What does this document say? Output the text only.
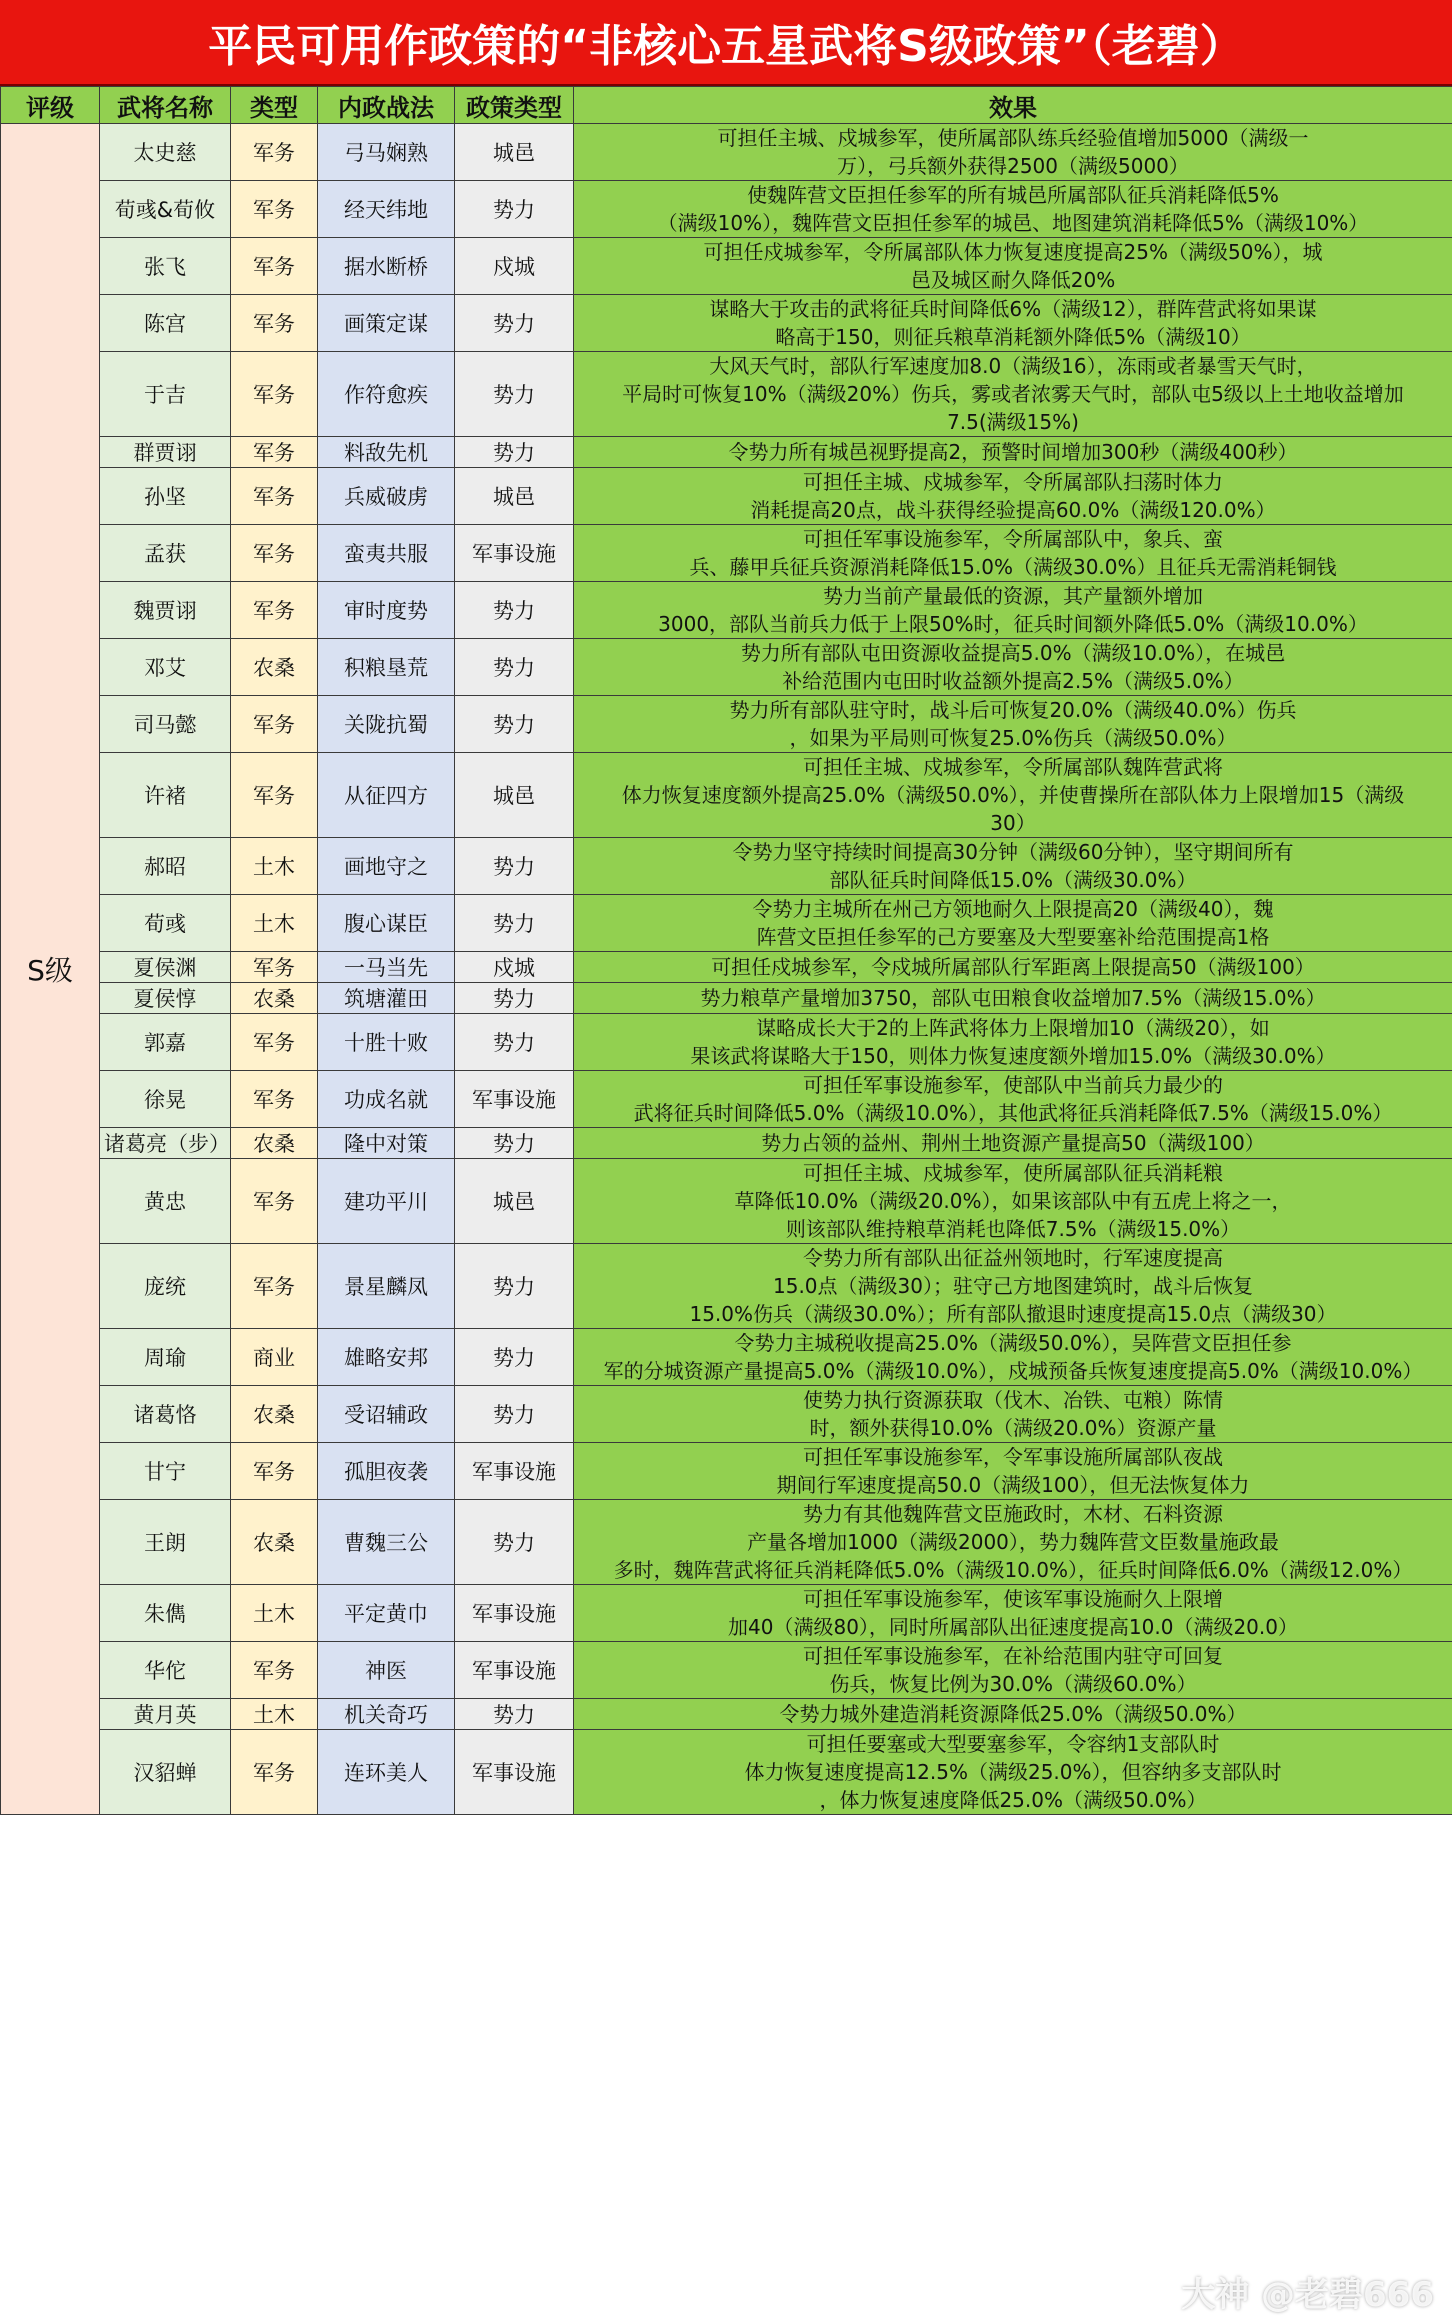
平民可用作政策的“非核心五星武将S级政策”（老碧）
评级	武将名称	类型	内政战法	政策类型	效果
S级	太史慈	军务	弓马娴熟	城邑	可担任主城、戍城参军，使所属部队练兵经验值增加5000（满级一
万），弓兵额外获得2500（满级5000）

	荀彧&荀攸	军务	经天纬地	势力	使魏阵营文臣担任参军的所有城邑所属部队征兵消耗降低5%
（满级10%），魏阵营文臣担任参军的城邑、地图建筑消耗降低5%（满级10%）

	张飞	军务	据水断桥	戍城	可担任戍城参军，令所属部队体力恢复速度提高25%（满级50%），城
邑及城区耐久降低20%

	陈宫	军务	画策定谋	势力	谋略大于攻击的武将征兵时间降低6%（满级12），群阵营武将如果谋
略高于150，则征兵粮草消耗额外降低5%（满级10）

	于吉	军务	作符愈疾	势力	大风天气时，部队行军速度加8.0（满级16），冻雨或者暴雪天气时，
平局时可恢复10%（满级20%）伤兵，雾或者浓雾天气时，部队屯5级以上土地收益增加
7.5(满级15%)

	群贾诩	军务	料敌先机	势力	令势力所有城邑视野提高2，预警时间增加300秒（满级400秒）

	孙坚	军务	兵威破虏	城邑	可担任主城、戍城参军，令所属部队扫荡时体力
消耗提高20点，战斗获得经验提高60.0%（满级120.0%）

	孟获	军务	蛮夷共服	军事设施	可担任军事设施参军，令所属部队中，象兵、蛮
兵、藤甲兵征兵资源消耗降低15.0%（满级30.0%）且征兵无需消耗铜钱

	魏贾诩	军务	审时度势	势力	势力当前产量最低的资源，其产量额外增加
3000，部队当前兵力低于上限50%时，征兵时间额外降低5.0%（满级10.0%）

	邓艾	农桑	积粮垦荒	势力	势力所有部队屯田资源收益提高5.0%（满级10.0%），在城邑
补给范围内屯田时收益额外提高2.5%（满级5.0%）

	司马懿	军务	关陇抗蜀	势力	势力所有部队驻守时，战斗后可恢复20.0%（满级40.0%）伤兵
，如果为平局则可恢复25.0%伤兵（满级50.0%）

	许褚	军务	从征四方	城邑	可担任主城、戍城参军，令所属部队魏阵营武将
体力恢复速度额外提高25.0%（满级50.0%），并使曹操所在部队体力上限增加15（满级
30）

	郝昭	土木	画地守之	势力	令势力坚守持续时间提高30分钟（满级60分钟），坚守期间所有
部队征兵时间降低15.0%（满级30.0%）

	荀彧	土木	腹心谋臣	势力	令势力主城所在州己方领地耐久上限提高20（满级40），魏
阵营文臣担任参军的己方要塞及大型要塞补给范围提高1格

	夏侯渊	军务	一马当先	戍城	可担任戍城参军，令戍城所属部队行军距离上限提高50（满级100）

	夏侯惇	农桑	筑塘灌田	势力	势力粮草产量增加3750，部队屯田粮食收益增加7.5%（满级15.0%）

	郭嘉	军务	十胜十败	势力	谋略成长大于2的上阵武将体力上限增加10（满级20），如
果该武将谋略大于150，则体力恢复速度额外增加15.0%（满级30.0%）

	徐晃	军务	功成名就	军事设施	可担任军事设施参军，使部队中当前兵力最少的
武将征兵时间降低5.0%（满级10.0%），其他武将征兵消耗降低7.5%（满级15.0%）

	诸葛亮（步）	农桑	隆中对策	势力	势力占领的益州、荆州土地资源产量提高50（满级100）

	黄忠	军务	建功平川	城邑	可担任主城、戍城参军，使所属部队征兵消耗粮
草降低10.0%（满级20.0%），如果该部队中有五虎上将之一，
则该部队维持粮草消耗也降低7.5%（满级15.0%）

	庞统	军务	景星麟凤	势力	令势力所有部队出征益州领地时，行军速度提高
15.0点（满级30）；驻守己方地图建筑时，战斗后恢复
15.0%伤兵（满级30.0%）；所有部队撤退时速度提高15.0点（满级30）

	周瑜	商业	雄略安邦	势力	令势力主城税收提高25.0%（满级50.0%），吴阵营文臣担任参
军的分城资源产量提高5.0%（满级10.0%），戍城预备兵恢复速度提高5.0%（满级10.0%）

	诸葛恪	农桑	受诏辅政	势力	使势力执行资源获取（伐木、冶铁、屯粮）陈情
时，额外获得10.0%（满级20.0%）资源产量

	甘宁	军务	孤胆夜袭	军事设施	可担任军事设施参军，令军事设施所属部队夜战
期间行军速度提高50.0（满级100），但无法恢复体力

	王朗	农桑	曹魏三公	势力	势力有其他魏阵营文臣施政时，木材、石料资源
产量各增加1000（满级2000），势力魏阵营文臣数量施政最
多时，魏阵营武将征兵消耗降低5.0%（满级10.0%），征兵时间降低6.0%（满级12.0%）

	朱儁	土木	平定黄巾	军事设施	可担任军事设施参军，使该军事设施耐久上限增
加40（满级80），同时所属部队出征速度提高10.0（满级20.0）

	华佗	军务	神医	军事设施	可担任军事设施参军，在补给范围内驻守可回复
伤兵，恢复比例为30.0%（满级60.0%）

	黄月英	土木	机关奇巧	势力	令势力城外建造消耗资源降低25.0%（满级50.0%）

	汉貂蝉	军务	连环美人	军事设施	可担任要塞或大型要塞参军，令容纳1支部队时
体力恢复速度提高12.5%（满级25.0%），但容纳多支部队时
，体力恢复速度降低25.0%（满级50.0%）
大神 @老碧666
